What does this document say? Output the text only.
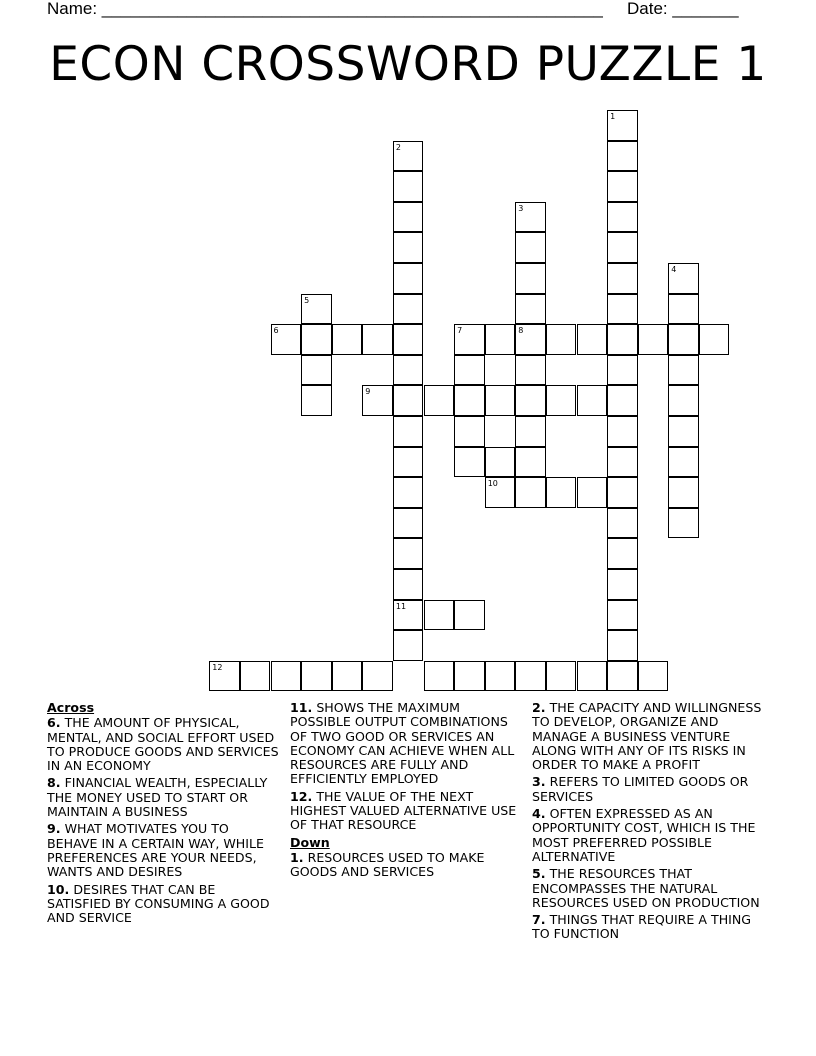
Name: _____________________________________________________ Date: _______
ECON CROSSWORD PUZZLE 1
1
2
3
4
5
6	7	8
9
10
11
12
Across
6. THE AMOUNT OF PHYSICAL, MENTAL, AND SOCIAL EFFORT USED TO PRODUCE GOODS AND SERVICES IN AN ECONOMY
8. FINANCIAL WEALTH, ESPECIALLY THE MONEY USED TO START OR MAINTAIN A BUSINESS
9. WHAT MOTIVATES YOU TO BEHAVE IN A CERTAIN WAY, WHILE PREFERENCES ARE YOUR NEEDS, WANTS AND DESIRES
10. DESIRES THAT CAN BE SATISFIED BY CONSUMING A GOOD AND SERVICE
11. SHOWS THE MAXIMUM POSSIBLE OUTPUT COMBINATIONS OF TWO GOOD OR SERVICES AN ECONOMY CAN ACHIEVE WHEN ALL RESOURCES ARE FULLY AND EFFICIENTLY EMPLOYED
12. THE VALUE OF THE NEXT HIGHEST VALUED ALTERNATIVE USE OF THAT RESOURCE
Down
1. RESOURCES USED TO MAKE GOODS AND SERVICES
2. THE CAPACITY AND WILLINGNESS TO DEVELOP, ORGANIZE AND MANAGE A BUSINESS VENTURE ALONG WITH ANY OF ITS RISKS IN ORDER TO MAKE A PROFIT
3. REFERS TO LIMITED GOODS OR SERVICES
4. OFTEN EXPRESSED AS AN OPPORTUNITY COST, WHICH IS THE MOST PREFERRED POSSIBLE ALTERNATIVE
5. THE RESOURCES THAT ENCOMPASSES THE NATURAL RESOURCES USED ON PRODUCTION
7. THINGS THAT REQUIRE A THING TO FUNCTION
